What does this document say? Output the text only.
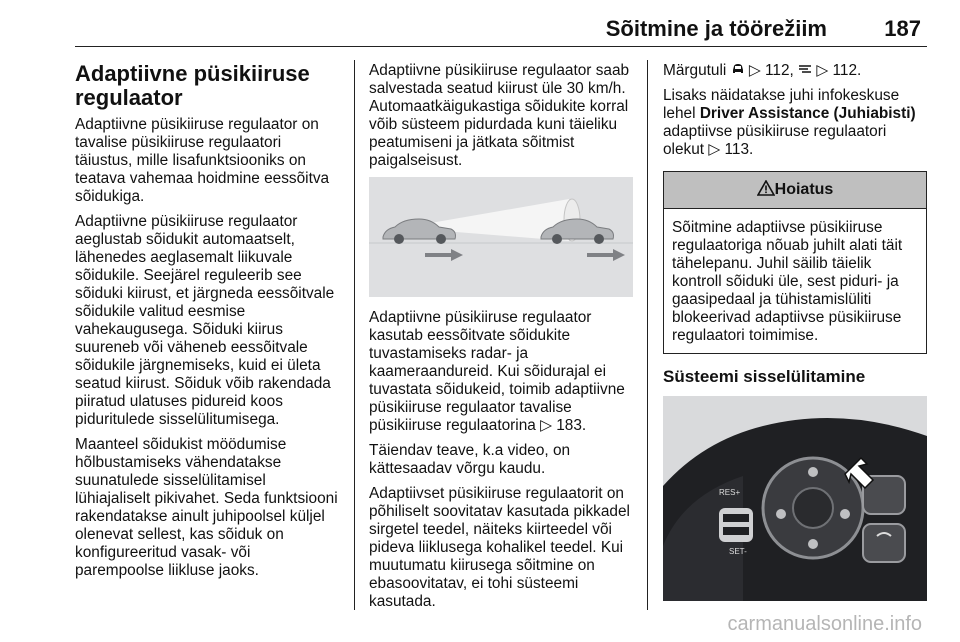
Sõitmine ja töörežiim	187
Adaptiivne püsikiiruse regulaator

Adaptiivne püsikiiruse regulaator on tavalise püsikiiruse regulaatori täiustus, mille lisafunktsiooniks on teatava vahemaa hoidmine eessõitva sõidukiga.

Adaptiivne püsikiiruse regulaator aeglustab sõidukit automaatselt, lähenedes aeglasemalt liikuvale sõidukile. Seejärel reguleerib see sõiduki kiirust, et järgneda eessõitvale sõidukile valitud eesmise vahekaugusega. Sõiduki kiirus suureneb või väheneb eessõitvale sõidukile järgnemiseks, kuid ei ületa seatud kiirust. Sõiduk võib rakendada piiratud ulatuses pidureid koos piduritulede sisselülitumisega.

Maanteel sõidukist möödumise hõlbustamiseks vähendatakse suunatulede sisselülitamisel lühiajaliselt pikivahet. Seda funktsiooni rakendatakse ainult juhipoolsel küljel olenevat sellest, kas sõiduk on konfigureeritud vasak- või parempoolse liikluse jaoks.

Adaptiivne püsikiiruse regulaator saab salvestada seatud kiirust üle 30 km/h. Automaatkäigukastiga sõidukite korral võib süsteem pidurdada kuni täieliku peatumiseni ja jätkata sõitmist paigalseisust.

Adaptiivne püsikiiruse regulaator kasutab eessõitvate sõidukite tuvastamiseks radar- ja kaameraandureid. Kui sõidurajal ei tuvastata sõidukeid, toimib adaptiivne püsikiiruse regulaator tavalise püsikiiruse regulaatorina ▷ 183.

Täiendav teave, k.a video, on kättesaadav võrgu kaudu.

Adaptiivset püsikiiruse regulaatorit on põhiliselt soovitatav kasutada pikkadel sirgetel teedel, näiteks kiirteedel või pideva liiklusega kohalikel teedel. Kui muutumatu kiirusega sõitmine on ebasoovitatav, ei tohi süsteemi kasutada.

Märgutuli ▷ 112, ▷ 112.

Lisaks näidatakse juhi infokeskuse lehel Driver Assistance (Juhiabisti) adaptiivse püsikiiruse regulaatori olekut ▷ 113.

Hoiatus
Sõitmine adaptiivse püsikiiruse regulaatoriga nõuab juhilt alati täit tähelepanu. Juhil säilib täielik kontroll sõiduki üle, sest piduri- ja gaasipedaal ja tühistamislüliti blokeerivad adaptiivse püsikiiruse regulaatori toimimise.
Süsteemi sisselülitamine
RES+
SET-
carmanualsonline.info
